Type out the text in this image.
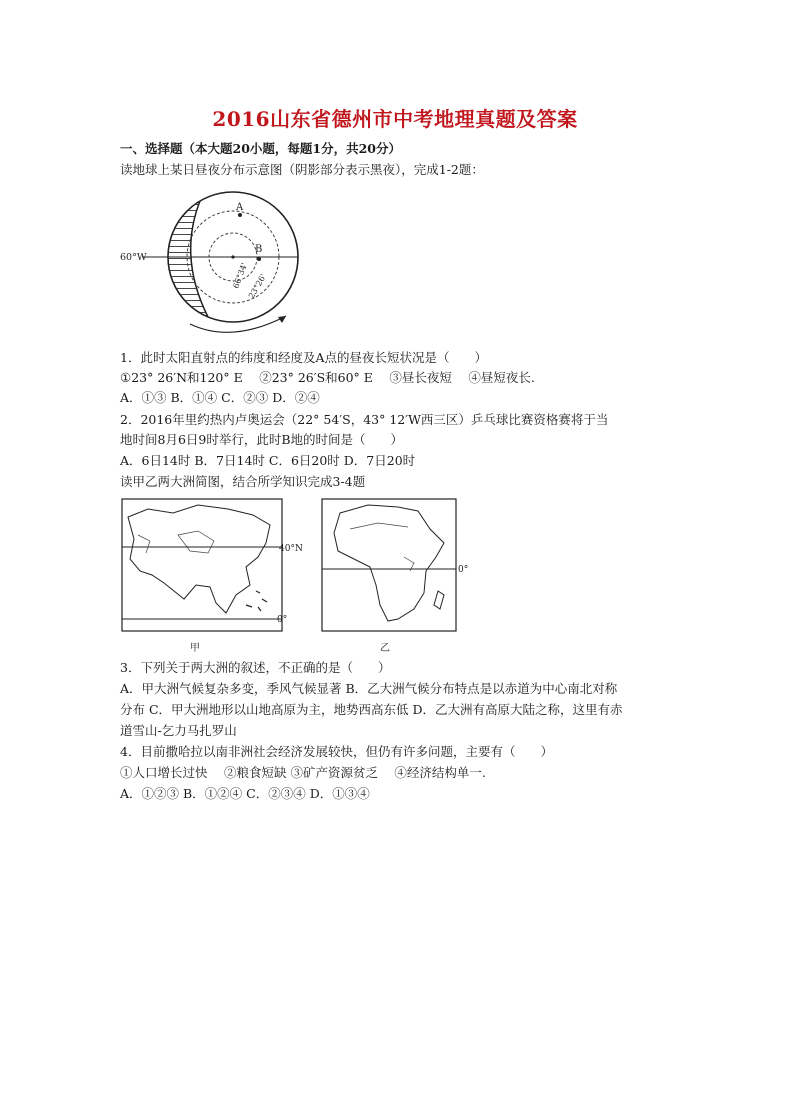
2016山东省德州市中考地理真题及答案
一、选择题（本大题20小题，每题1分，共20分）
读地球上某日昼夜分布示意图（阴影部分表示黑夜），完成1-2题：
A
B
60°W
66°34'
23°26'
1．此时太阳直射点的纬度和经度及A点的昼夜长短状况是（　　）
①23° 26′N和120° E　 ②23° 26′S和60° E　 ③昼长夜短　 ④昼短夜长.
A．①③ B．①④ C．②③ D．②④
2．2016年里约热内卢奥运会（22° 54′S，43° 12′W西三区）乒乓球比赛资格赛将于当
地时间8月6日9时举行，此时B地的时间是（　　）
A．6日14时 B．7日14时 C．6日20时 D．7日20时
读甲乙两大洲简图，结合所学知识完成3-4题
40°N
0°
甲
0°
乙
3．下列关于两大洲的叙述，不正确的是（　　）
A．甲大洲气候复杂多变，季风气候显著 B．乙大洲气候分布特点是以赤道为中心南北对称
分布 C．甲大洲地形以山地高原为主，地势西高东低 D．乙大洲有高原大陆之称，这里有赤
道雪山-乞力马扎罗山
4．目前撒哈拉以南非洲社会经济发展较快，但仍有许多问题，主要有（　　）
①人口增长过快　 ②粮食短缺 ③矿产资源贫乏　 ④经济结构单一.
A．①②③ B．①②④ C．②③④ D．①③④
